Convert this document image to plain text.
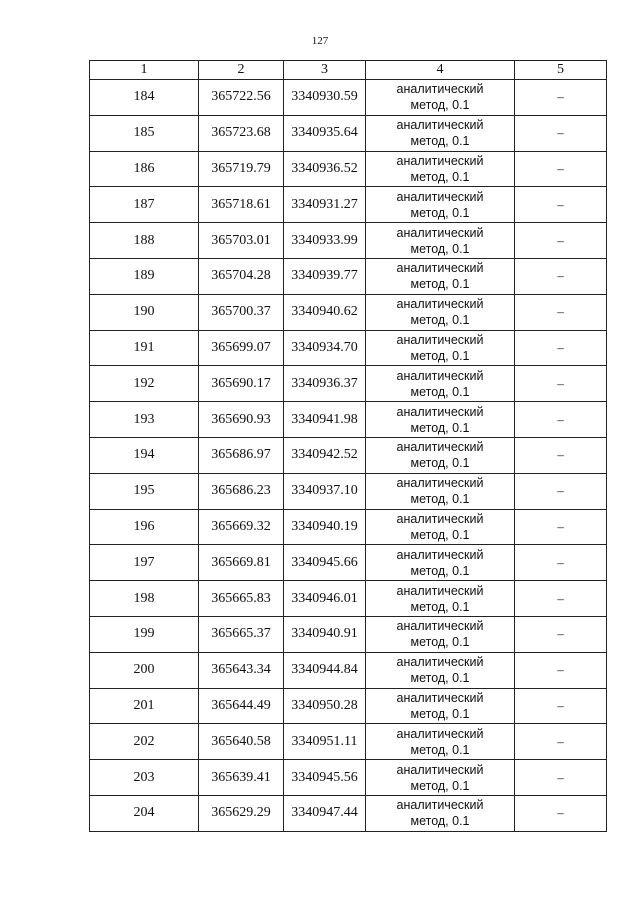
127
1	2	3	4	5
184	365722.56	3340930.59	аналитический
метод, 0.1	–
185	365723.68	3340935.64	аналитический
метод, 0.1	–
186	365719.79	3340936.52	аналитический
метод, 0.1	–
187	365718.61	3340931.27	аналитический
метод, 0.1	–
188	365703.01	3340933.99	аналитический
метод, 0.1	–
189	365704.28	3340939.77	аналитический
метод, 0.1	–
190	365700.37	3340940.62	аналитический
метод, 0.1	–
191	365699.07	3340934.70	аналитический
метод, 0.1	–
192	365690.17	3340936.37	аналитический
метод, 0.1	–
193	365690.93	3340941.98	аналитический
метод, 0.1	–
194	365686.97	3340942.52	аналитический
метод, 0.1	–
195	365686.23	3340937.10	аналитический
метод, 0.1	–
196	365669.32	3340940.19	аналитический
метод, 0.1	–
197	365669.81	3340945.66	аналитический
метод, 0.1	–
198	365665.83	3340946.01	аналитический
метод, 0.1	–
199	365665.37	3340940.91	аналитический
метод, 0.1	–
200	365643.34	3340944.84	аналитический
метод, 0.1	–
201	365644.49	3340950.28	аналитический
метод, 0.1	–
202	365640.58	3340951.11	аналитический
метод, 0.1	–
203	365639.41	3340945.56	аналитический
метод, 0.1	–
204	365629.29	3340947.44	аналитический
метод, 0.1	–
